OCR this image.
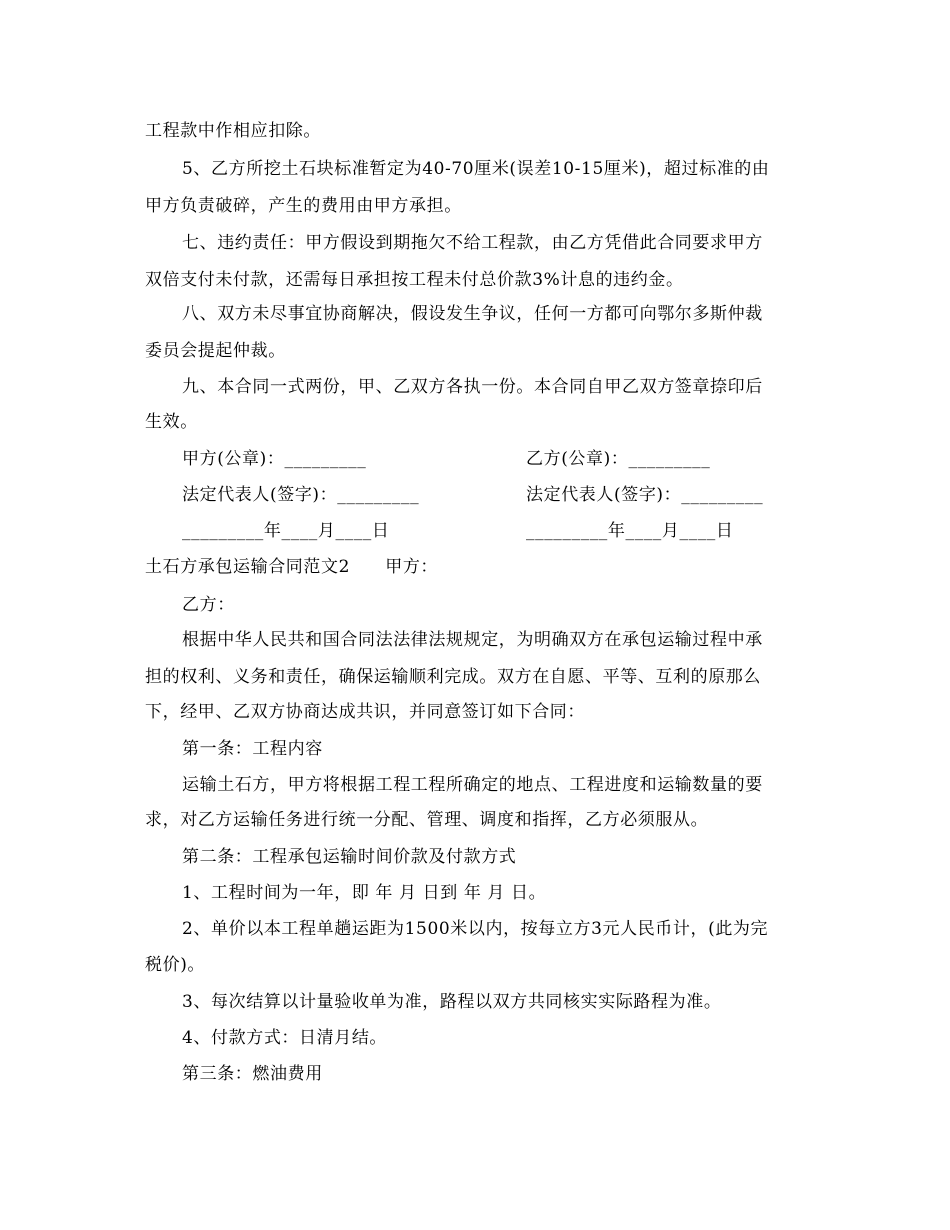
工程款中作相应扣除。
5、乙方所挖土石块标准暂定为40-70厘米(误差10-15厘米)，超过标准的由
甲方负责破碎，产生的费用由甲方承担。
七、违约责任：甲方假设到期拖欠不给工程款，由乙方凭借此合同要求甲方
双倍支付未付款，还需每日承担按工程未付总价款3%计息的违约金。
八、双方未尽事宜协商解决，假设发生争议，任何一方都可向鄂尔多斯仲裁
委员会提起仲裁。
九、本合同一式两份，甲、乙双方各执一份。本合同自甲乙双方签章捺印后
生效。
甲方(公章)：_________	乙方(公章)：_________
法定代表人(签字)：_________	法定代表人(签字)：_________
_________年____月____日	_________年____月____日
土石方承包运输合同范文2　　甲方：
乙方：
根据中华人民共和国合同法法律法规规定，为明确双方在承包运输过程中承
担的权利、义务和责任，确保运输顺利完成。双方在自愿、平等、互利的原那么
下，经甲、乙双方协商达成共识，并同意签订如下合同：
第一条：工程内容
运输土石方，甲方将根据工程工程所确定的地点、工程进度和运输数量的要
求，对乙方运输任务进行统一分配、管理、调度和指挥，乙方必须服从。
第二条：工程承包运输时间价款及付款方式
1、工程时间为一年，即 年 月 日到 年 月 日。
2、单价以本工程单趟运距为1500米以内，按每立方3元人民币计，(此为完
税价)。
3、每次结算以计量验收单为准，路程以双方共同核实实际路程为准。
4、付款方式：日清月结。
第三条：燃油费用
